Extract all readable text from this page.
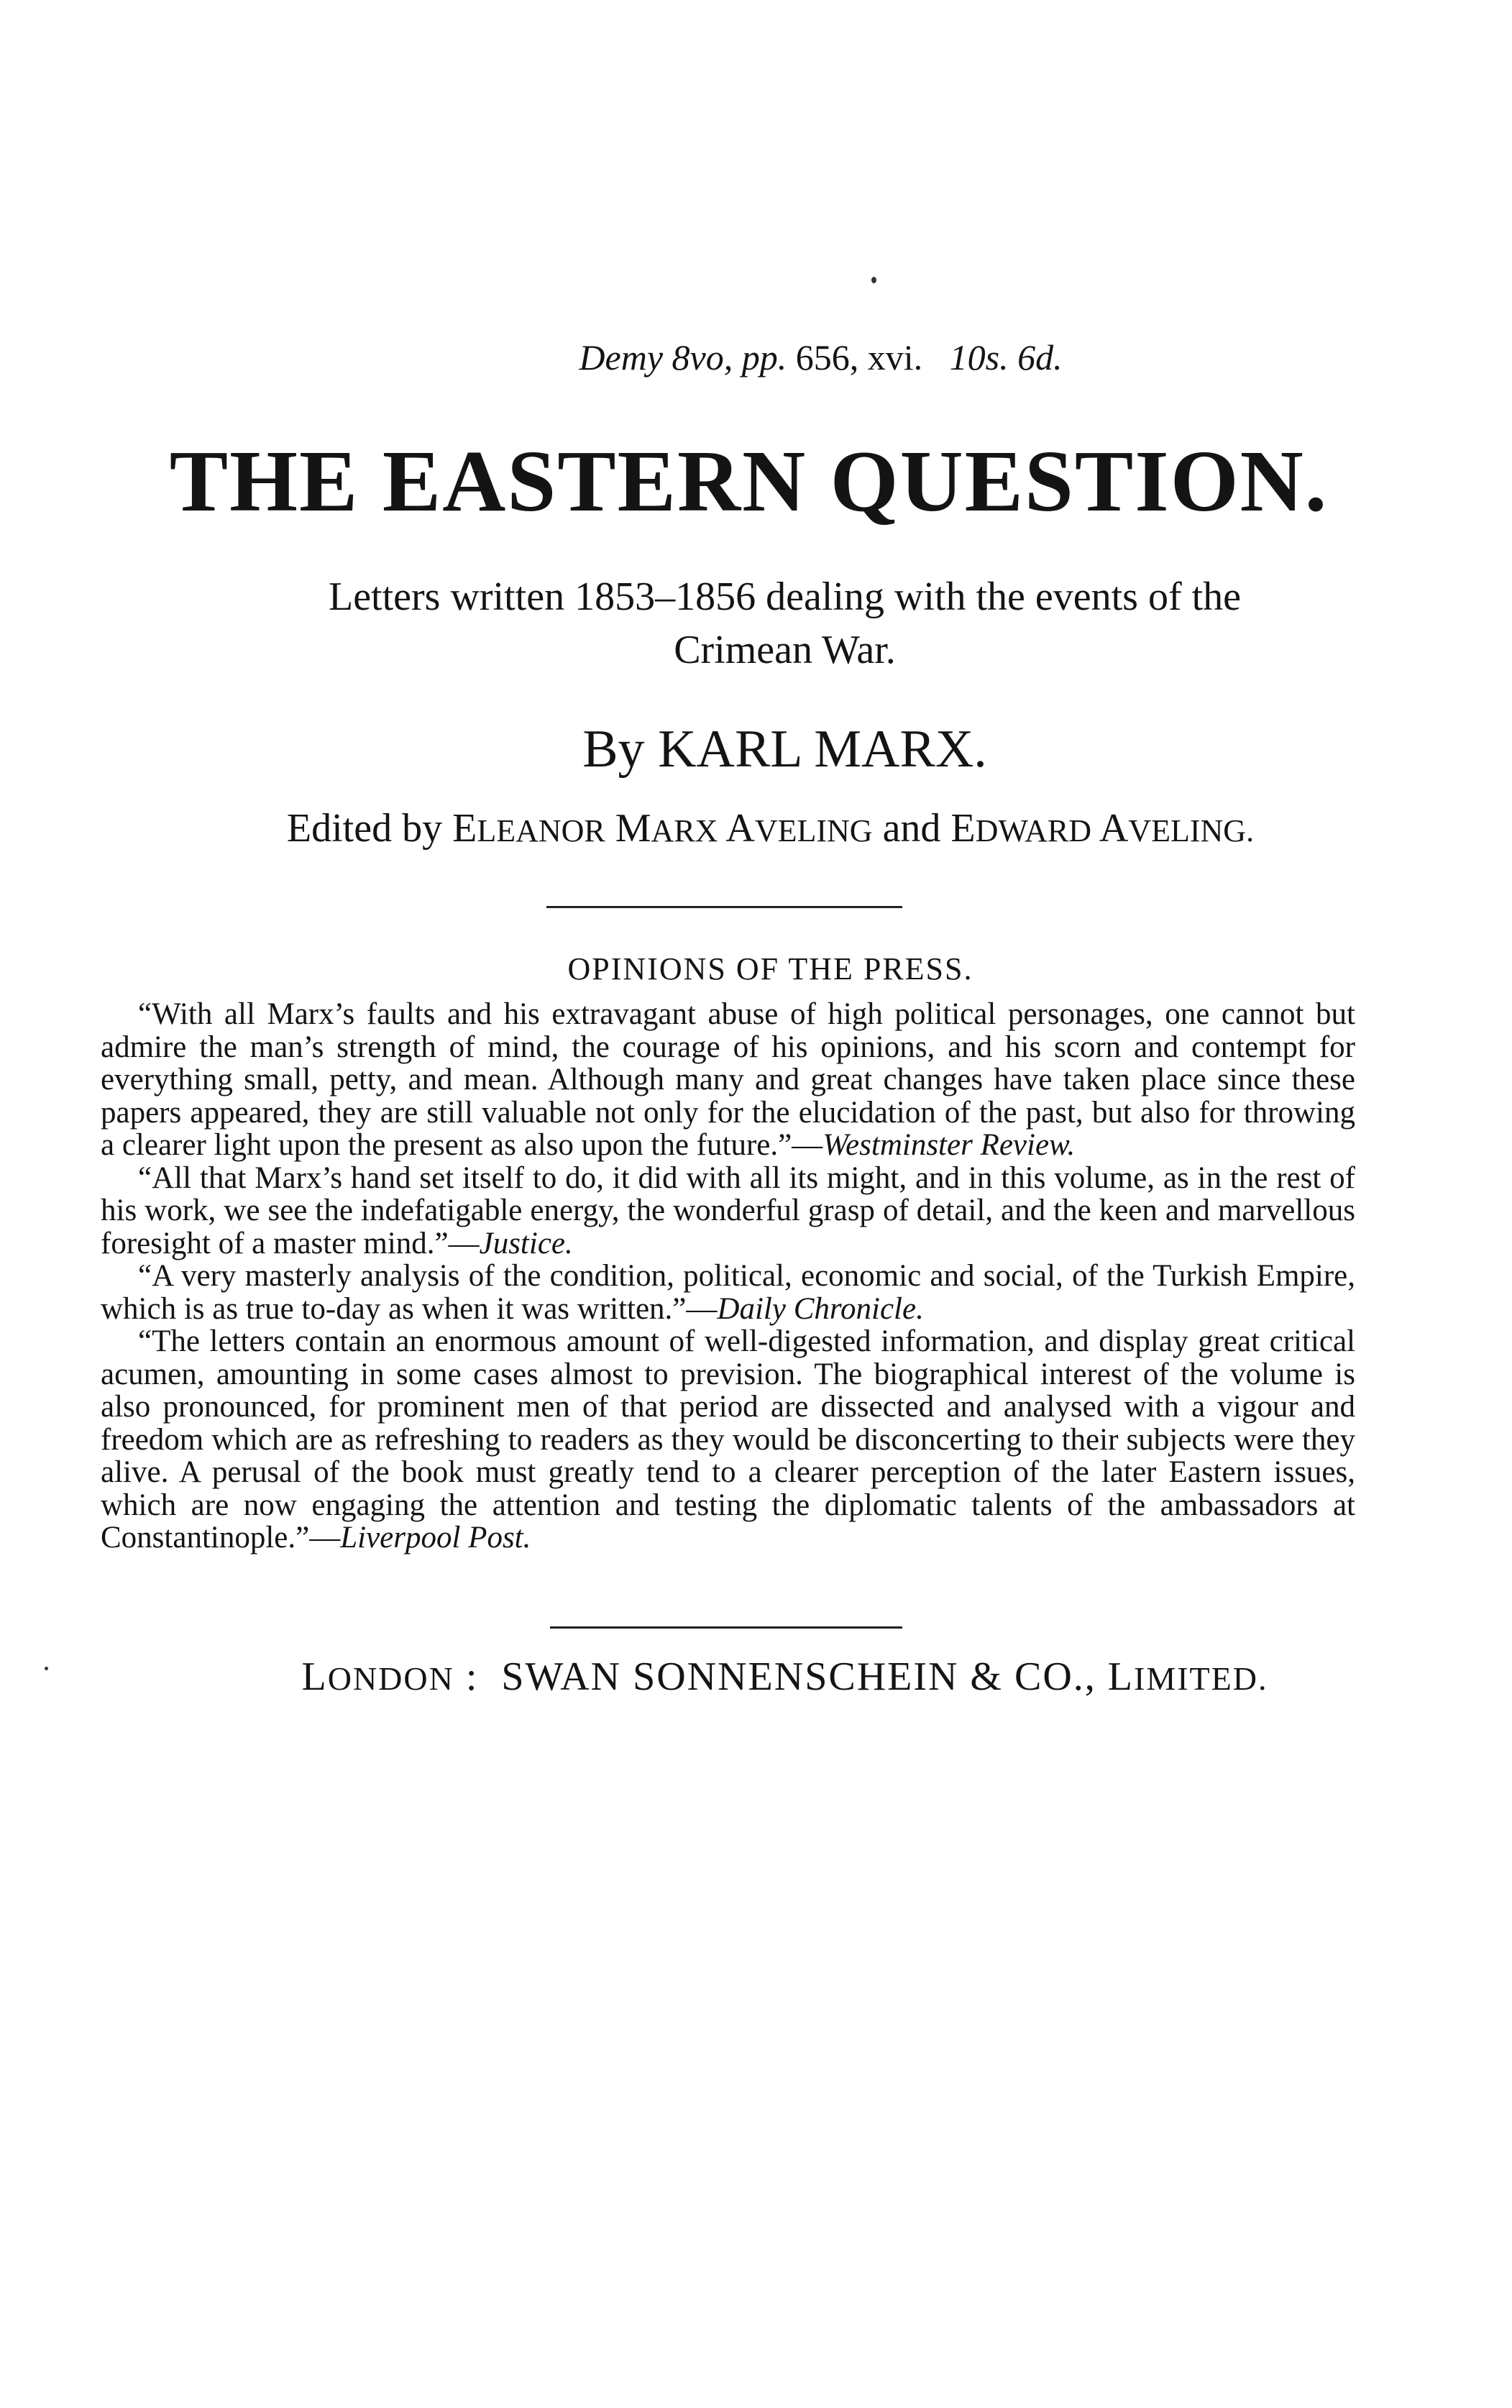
Demy 8vo, pp. 656, xvi. 10s. 6d.
THE EASTERN QUESTION.
Letters written 1853–1856 dealing with the events of the
Crimean War.
By KARL MARX.
Edited by ELEANOR MARX AVELING and EDWARD AVELING.
OPINIONS OF THE PRESS.

“With all Marx’s faults and his extravagant abuse of high political personages, one cannot but admire the man’s strength of mind, the courage of his opinions, and his scorn and contempt for everything small, petty, and mean. Although many and great changes have taken place since these papers appeared, they are still valuable not only for the elucidation of the past, but also for throwing a clearer light upon the present as also upon the future.”—Westminster Review.

“All that Marx’s hand set itself to do, it did with all its might, and in this volume, as in the rest of his work, we see the indefatigable energy, the wonderful grasp of detail, and the keen and marvellous foresight of a master mind.”—Justice.

“A very masterly analysis of the condition, political, economic and social, of the Turkish Empire, which is as true to-day as when it was written.”—Daily Chronicle.

“The letters contain an enormous amount of well-digested information, and display great critical acumen, amounting in some cases almost to prevision. The biographical interest of the volume is also pronounced, for prominent men of that period are dissected and analysed with a vigour and freedom which are as refreshing to readers as they would be disconcerting to their subjects were they alive. A perusal of the book must greatly tend to a clearer perception of the later Eastern issues, which are now engaging the attention and testing the diplomatic talents of the ambassadors at Constantinople.”—Liverpool Post.

LONDON : SWAN SONNENSCHEIN & CO., LIMITED.
